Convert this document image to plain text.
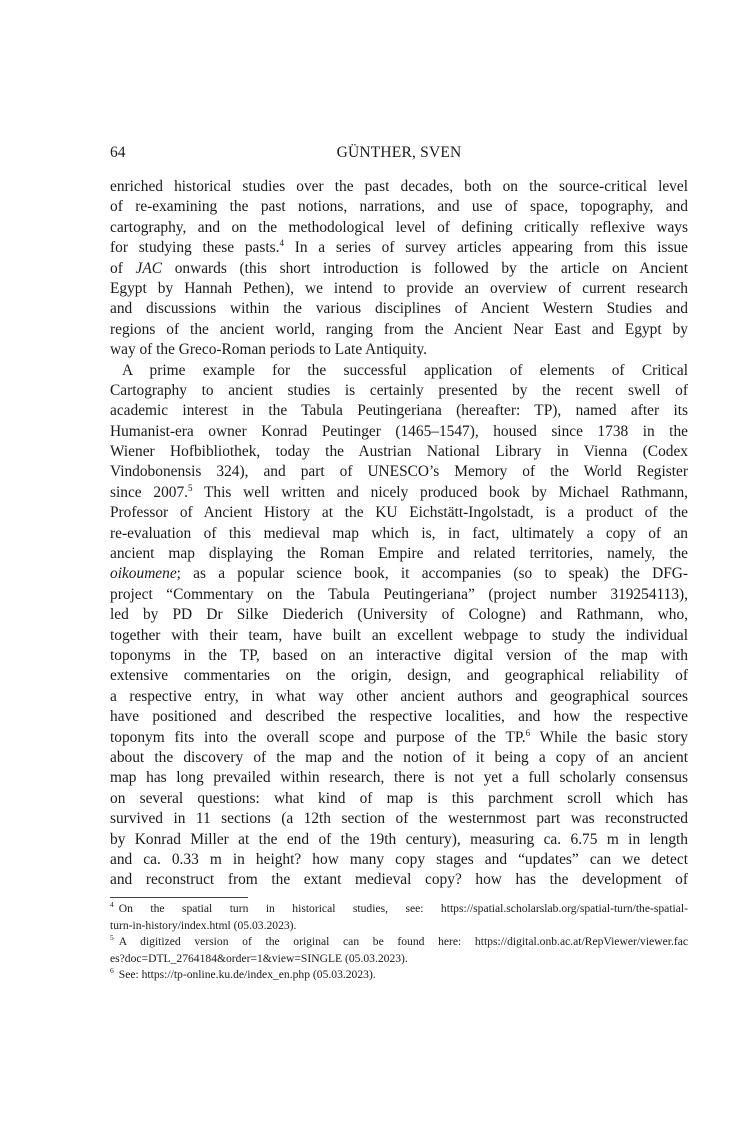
64	GÜNTHER, SVEN
enriched historical studies over the past decades, both on the source-critical level
of re-examining the past notions, narrations, and use of space, topography, and
cartography, and on the methodological level of defining critically reflexive ways
for studying these pasts.$^4$ In a series of survey articles appearing from this issue
of JAC onwards (this short introduction is followed by the article on Ancient
Egypt by Hannah Pethen), we intend to provide an overview of current research
and discussions within the various disciplines of Ancient Western Studies and
regions of the ancient world, ranging from the Ancient Near East and Egypt by
way of the Greco-Roman periods to Late Antiquity.
A prime example for the successful application of elements of Critical
Cartography to ancient studies is certainly presented by the recent swell of
academic interest in the Tabula Peutingeriana (hereafter: TP), named after its
Humanist-era owner Konrad Peutinger (1465–1547), housed since 1738 in the
Wiener Hofbibliothek, today the Austrian National Library in Vienna (Codex
Vindobonensis 324), and part of UNESCO’s Memory of the World Register
since 2007.$^5$ This well written and nicely produced book by Michael Rathmann,
Professor of Ancient History at the KU Eichstätt-Ingolstadt, is a product of the
re-evaluation of this medieval map which is, in fact, ultimately a copy of an
ancient map displaying the Roman Empire and related territories, namely, the
oikoumene; as a popular science book, it accompanies (so to speak) the DFG-
project “Commentary on the Tabula Peutingeriana” (project number 319254113),
led by PD Dr Silke Diederich (University of Cologne) and Rathmann, who,
together with their team, have built an excellent webpage to study the individual
toponyms in the TP, based on an interactive digital version of the map with
extensive commentaries on the origin, design, and geographical reliability of
a respective entry, in what way other ancient authors and geographical sources
have positioned and described the respective localities, and how the respective
toponym fits into the overall scope and purpose of the TP.$^6$ While the basic story
about the discovery of the map and the notion of it being a copy of an ancient
map has long prevailed within research, there is not yet a full scholarly consensus
on several questions: what kind of map is this parchment scroll which has
survived in 11 sections (a 12th section of the westernmost part was reconstructed
by Konrad Miller at the end of the 19th century), measuring ca. 6.75 m in length
and ca. 0.33 m in height? how many copy stages and “updates” can we detect
and reconstruct from the extant medieval copy? how has the development of
$^4$ On the spatial turn in historical studies, see: https://spatial.scholarslab.org/spatial-turn/the-spatial-
turn-in-history/index.html (05.03.2023).
$^5$ A digitized version of the original can be found here: https://digital.onb.ac.at/RepViewer/viewer.fac
es?doc=DTL_2764184&order=1&view=SINGLE (05.03.2023).
$^6$ See: https://tp-online.ku.de/index_en.php (05.03.2023).
